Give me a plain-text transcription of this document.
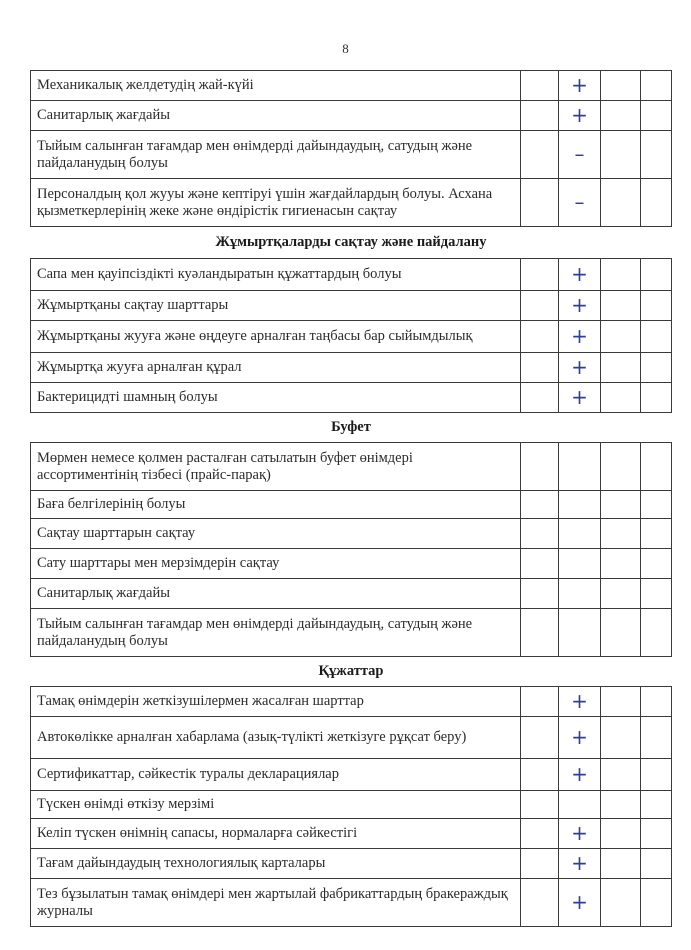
8
Механикалық желдетудің жай-күйі		+		
Санитарлық жағдайы		+		
Тыйым салынған тағамдар мен өнімдерді дайындаудың, сатудың және пайдаланудың болуы		–		
Персоналдың қол жууы және кептіруі үшін жағдайлардың болуы. Асхана қызметкерлерінің жеке және өндірістік гигиенасын сақтау		–		
Жұмыртқаларды сақтау және пайдалану				
Сапа мен қауіпсіздікті куәландыратын құжаттардың болуы		+		
Жұмыртқаны сақтау шарттары		+		
Жұмыртқаны жууға және өңдеуге арналған таңбасы бар сыйымдылық		+		
Жұмыртқа жууға арналған құрал		+		
Бактерицидті шамның болуы		+		
Буфет				
Мөрмен немесе қолмен расталған сатылатын буфет өнімдері ассортиментінің тізбесі (прайс-парақ)				
Баға белгілерінің болуы				
Сақтау шарттарын сақтау				
Сату шарттары мен мерзімдерін сақтау				
Санитарлық жағдайы				
Тыйым салынған тағамдар мен өнімдерді дайындаудың, сатудың және пайдаланудың болуы				
Құжаттар				
Тамақ өнімдерін жеткізушілермен жасалған шарттар		+		
Автокөлікке арналған хабарлама (азық-түлікті жеткізуге рұқсат беру)		+		
Сертификаттар, сәйкестік туралы декларациялар		+		
Түскен өнімді өткізу мерзімі				
Келіп түскен өнімнің сапасы, нормаларға сәйкестігі		+		
Тағам дайындаудың технологиялық карталары		+		
Тез бұзылатын тамақ өнімдері мен жартылай фабрикаттардың бракераждық журналы		+		
